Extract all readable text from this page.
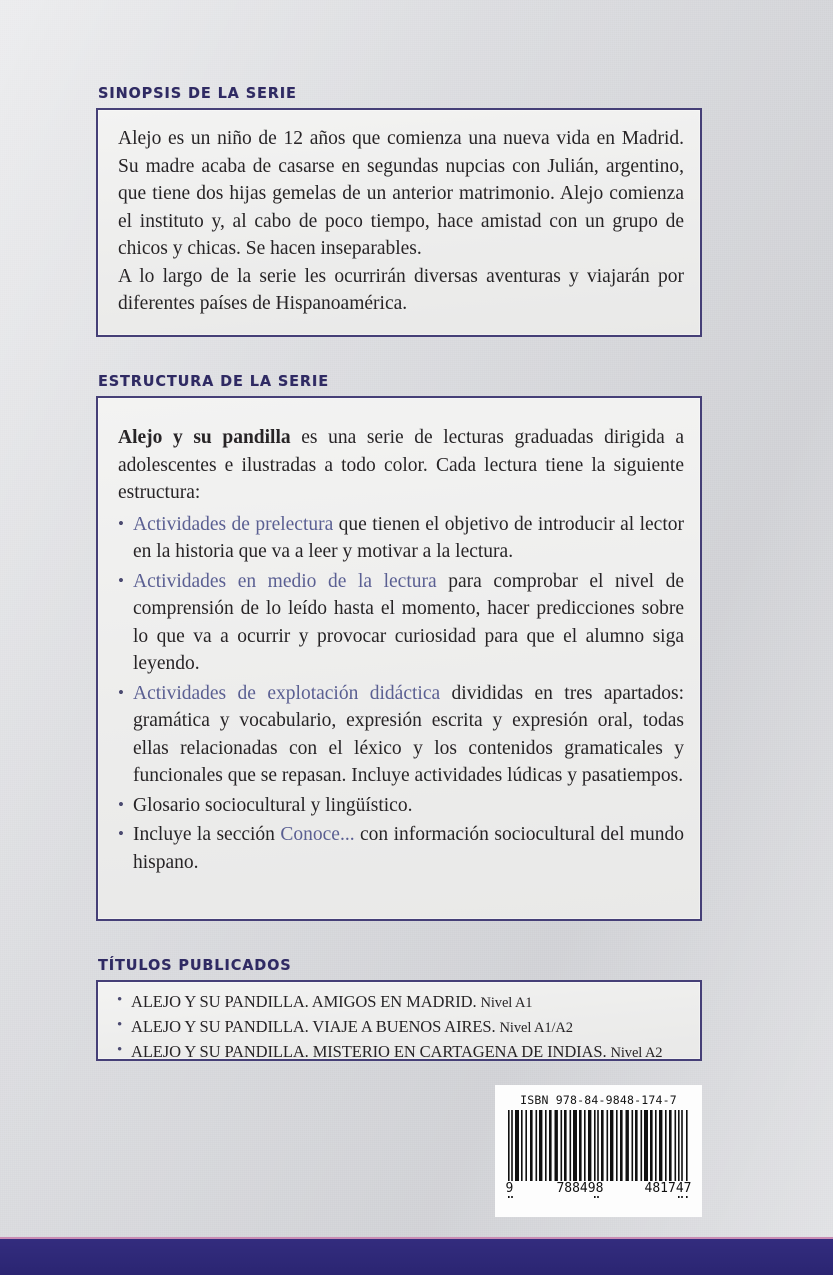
SINOPSIS DE LA SERIE

Alejo es un niño de 12 años que comienza una nueva vida en Madrid. Su madre acaba de casarse en segundas nupcias con Julián, argentino, que tiene dos hijas gemelas de un anterior matrimonio. Alejo comienza el instituto y, al cabo de poco tiempo, hace amistad con un grupo de chicos y chicas. Se hacen inseparables.

A lo largo de la serie les ocurrirán diversas aventuras y viajarán por diferentes países de Hispanoamérica.

ESTRUCTURA DE LA SERIE

Alejo y su pandilla es una serie de lecturas graduadas dirigida a adolescentes e ilustradas a todo color. Cada lectura tiene la siguiente estructura:

• Actividades de prelectura que tienen el objetivo de introducir al lector en la historia que va a leer y motivar a la lectura.
• Actividades en medio de la lectura para comprobar el nivel de comprensión de lo leído hasta el momento, hacer predicciones sobre lo que va a ocurrir y provocar curiosidad para que el alumno siga leyendo.
• Actividades de explotación didáctica divididas en tres apartados: gramática y vocabulario, expresión escrita y expresión oral, todas ellas relacionadas con el léxico y los contenidos gramaticales y funcionales que se repasan. Incluye actividades lúdicas y pasatiempos.
• Glosario sociocultural y lingüístico.
• Incluye la sección Conoce... con información sociocultural del mundo hispano.
TÍTULOS PUBLICADOS
• ALEJO Y SU PANDILLA. AMIGOS EN MADRID. Nivel A1
• ALEJO Y SU PANDILLA. VIAJE A BUENOS AIRES. Nivel A1/A2
• ALEJO Y SU PANDILLA. MISTERIO EN CARTAGENA DE INDIAS. Nivel A2
ISBN 978-84-9848-174-7
9	788498	481747
